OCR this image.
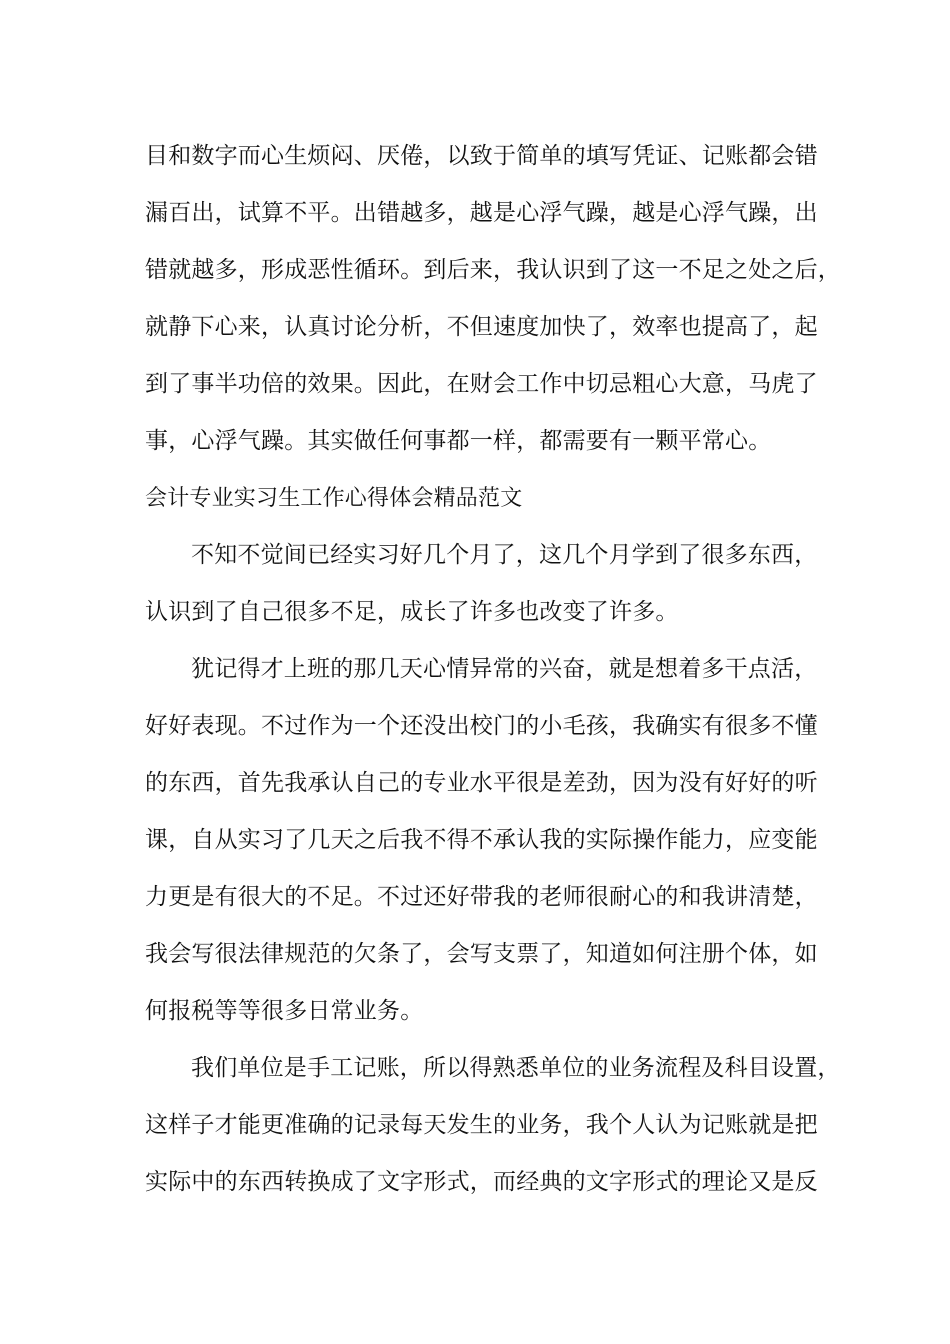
目和数字而心生烦闷、厌倦，以致于简单的填写凭证、记账都会错
漏百出，试算不平。出错越多，越是心浮气躁，越是心浮气躁，出
错就越多，形成恶性循环。到后来，我认识到了这一不足之处之后，
就静下心来，认真讨论分析，不但速度加快了，效率也提高了，起
到了事半功倍的效果。因此，在财会工作中切忌粗心大意，马虎了
事，心浮气躁。其实做任何事都一样，都需要有一颗平常心。
会计专业实习生工作心得体会精品范文
不知不觉间已经实习好几个月了，这几个月学到了很多东西，
认识到了自己很多不足，成长了许多也改变了许多。
犹记得才上班的那几天心情异常的兴奋，就是想着多干点活，
好好表现。不过作为一个还没出校门的小毛孩，我确实有很多不懂
的东西，首先我承认自己的专业水平很是差劲，因为没有好好的听
课，自从实习了几天之后我不得不承认我的实际操作能力，应变能
力更是有很大的不足。不过还好带我的老师很耐心的和我讲清楚，
我会写很法律规范的欠条了，会写支票了，知道如何注册个体，如
何报税等等很多日常业务。
我们单位是手工记账，所以得熟悉单位的业务流程及科目设置，
这样子才能更准确的记录每天发生的业务，我个人认为记账就是把
实际中的东西转换成了文字形式，而经典的文字形式的理论又是反
